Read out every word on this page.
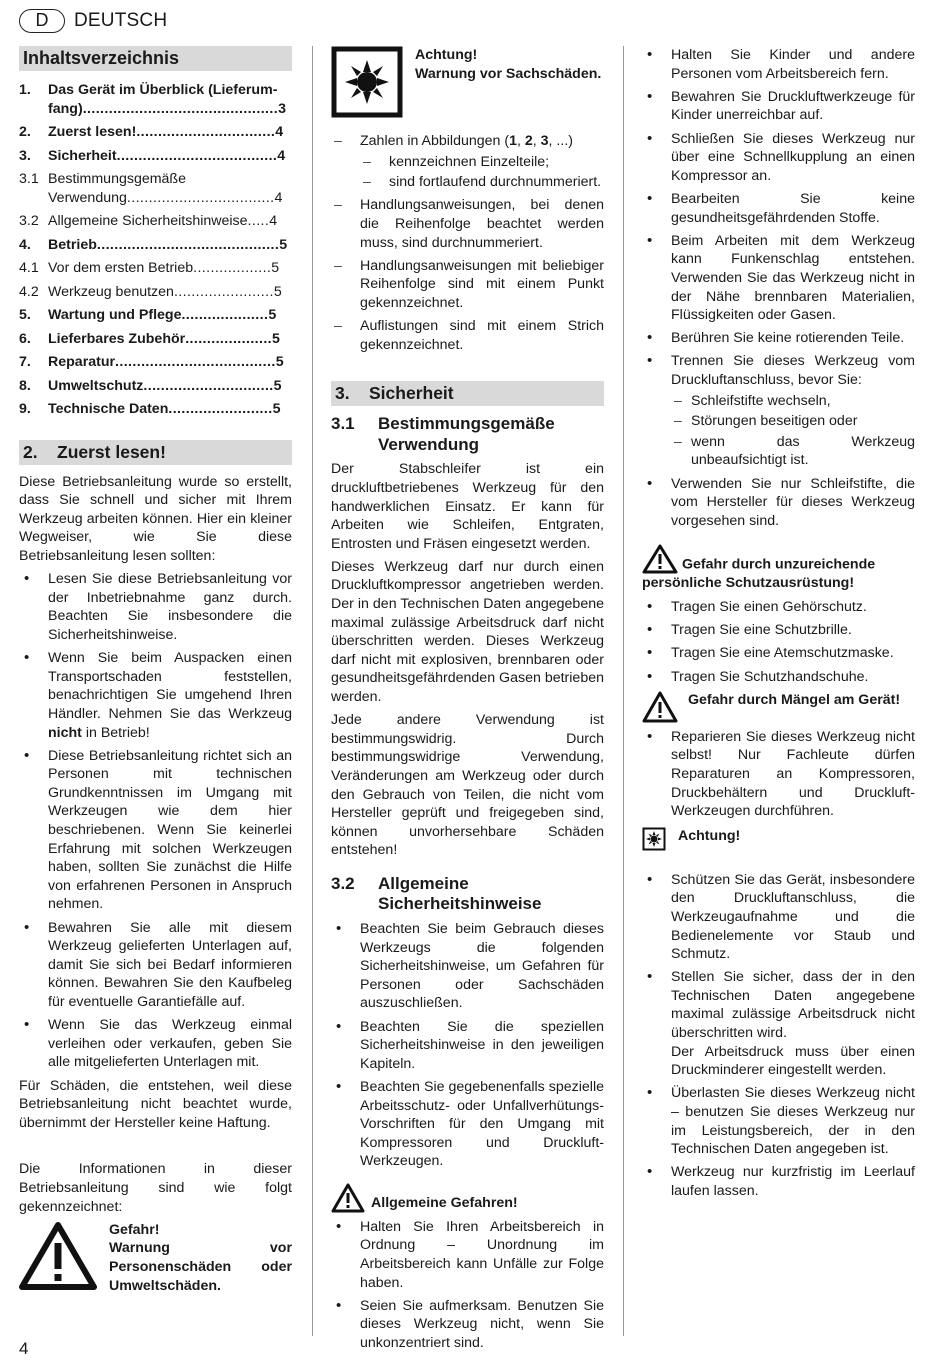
D	DEUTSCH
Inhaltsverzeichnis
1.	Das Gerät im Überblick (Lieferum-
fang).............................................3
2.	Zuerst lesen!................................4
3.	Sicherheit.....................................4
3.1 Bestimmungsgemäße
Verwendung..................................4
3.2 Allgemeine Sicherheitshinweise.....4
4.	Betrieb..........................................5
4.1 Vor dem ersten Betrieb..................5
4.2 Werkzeug benutzen.......................5
5.	Wartung und Pflege....................5
6.	Lieferbares Zubehör....................5
7.	Reparatur.....................................5
8.	Umweltschutz..............................5
9.	Technische Daten........................5
2. Zuerst lesen!

Diese Betriebsanleitung wurde so erstellt, dass Sie schnell und sicher mit Ihrem Werkzeug arbeiten können. Hier ein kleiner Wegweiser, wie Sie diese Betriebsanleitung lesen sollten:

• Lesen Sie diese Betriebsanleitung vor der Inbetriebnahme ganz durch. Beachten Sie insbesondere die Sicherheitshinweise.
• Wenn Sie beim Auspacken einen Transportschaden feststellen, benachrichtigen Sie umgehend Ihren Händler. Nehmen Sie das Werkzeug nicht in Betrieb!
• Diese Betriebsanleitung richtet sich an Personen mit technischen Grundkenntnissen im Umgang mit Werkzeugen wie dem hier beschriebenen. Wenn Sie keinerlei Erfahrung mit solchen Werkzeugen haben, sollten Sie zunächst die Hilfe von erfahrenen Personen in Anspruch nehmen.
• Bewahren Sie alle mit diesem Werkzeug gelieferten Unterlagen auf, damit Sie sich bei Bedarf informieren können. Bewahren Sie den Kaufbeleg für eventuelle Garantiefälle auf.
• Wenn Sie das Werkzeug einmal verleihen oder verkaufen, geben Sie alle mitgelieferten Unterlagen mit.

Für Schäden, die entstehen, weil diese Betriebsanleitung nicht beachtet wurde, übernimmt der Hersteller keine Haftung.

Die Informationen in dieser Betriebsanleitung sind wie folgt gekennzeichnet:

Gefahr!
Warnung vor Personenschäden oder Umweltschäden.
Achtung!
Warnung vor Sachschäden.
– Zahlen in Abbildungen (1, 2, 3, ...)
– kennzeichnen Einzelteile;
– sind fortlaufend durchnummeriert.
– Handlungsanweisungen, bei denen die Reihenfolge beachtet werden muss, sind durchnummeriert.
– Handlungsanweisungen mit beliebiger Reihenfolge sind mit einem Punkt gekennzeichnet.
– Auflistungen sind mit einem Strich gekennzeichnet.
3. Sicherheit
3.1	Bestimmungsgemäße Verwendung

Der Stabschleifer ist ein druckluftbetriebenes Werkzeug für den handwerklichen Einsatz. Er kann für Arbeiten wie Schleifen, Entgraten, Entrosten und Fräsen eingesetzt werden.

Dieses Werkzeug darf nur durch einen Druckluftkompressor angetrieben werden. Der in den Technischen Daten angegebene maximal zulässige Arbeitsdruck darf nicht überschritten werden. Dieses Werkzeug darf nicht mit explosiven, brennbaren oder gesundheitsgefährdenden Gasen betrieben werden.

Jede andere Verwendung ist bestimmungswidrig. Durch bestimmungswidrige Verwendung, Veränderungen am Werkzeug oder durch den Gebrauch von Teilen, die nicht vom Hersteller geprüft und freigegeben sind, können unvorhersehbare Schäden entstehen!

3.2	Allgemeine Sicherheitshinweise
• Beachten Sie beim Gebrauch dieses Werkzeugs die folgenden Sicherheitshinweise, um Gefahren für Personen oder Sachschäden auszuschließen.
• Beachten Sie die speziellen Sicherheitshinweise in den jeweiligen Kapiteln.
• Beachten Sie gegebenenfalls spezielle Arbeitsschutz- oder Unfallverhütungs-Vorschriften für den Umgang mit Kompressoren und Druckluft-Werkzeugen.
Allgemeine Gefahren!
• Halten Sie Ihren Arbeitsbereich in Ordnung – Unordnung im Arbeitsbereich kann Unfälle zur Folge haben.
• Seien Sie aufmerksam. Benutzen Sie dieses Werkzeug nicht, wenn Sie unkonzentriert sind.
• Halten Sie Kinder und andere Personen vom Arbeitsbereich fern.
• Bewahren Sie Druckluftwerkzeuge für Kinder unerreichbar auf.
• Schließen Sie dieses Werkzeug nur über eine Schnellkupplung an einen Kompressor an.
• Bearbeiten Sie keine gesundheitsgefährdenden Stoffe.
• Beim Arbeiten mit dem Werkzeug kann Funkenschlag entstehen. Verwenden Sie das Werkzeug nicht in der Nähe brennbaren Materialien, Flüssigkeiten oder Gasen.
• Berühren Sie keine rotierenden Teile.
• Trennen Sie dieses Werkzeug vom Druckluftanschluss, bevor Sie:
– Schleifstifte wechseln,
– Störungen beseitigen oder
– wenn das Werkzeug unbeaufsichtigt ist.
• Verwenden Sie nur Schleifstifte, die vom Hersteller für dieses Werkzeug vorgesehen sind.
Gefahr durch unzureichende persönliche Schutzausrüstung!
• Tragen Sie einen Gehörschutz.
• Tragen Sie eine Schutzbrille.
• Tragen Sie eine Atemschutzmaske.
• Tragen Sie Schutzhandschuhe.
Gefahr durch Mängel am Gerät!
• Reparieren Sie dieses Werkzeug nicht selbst! Nur Fachleute dürfen Reparaturen an Kompressoren, Druckbehältern und Druckluft-Werkzeugen durchführen.
Achtung!
• Schützen Sie das Gerät, insbesondere den Druckluftanschluss, die Werkzeugaufnahme und die Bedienelemente vor Staub und Schmutz.
• Stellen Sie sicher, dass der in den Technischen Daten angegebene maximal zulässige Arbeitsdruck nicht überschritten wird.
Der Arbeitsdruck muss über einen Druckminderer eingestellt werden.
• Überlasten Sie dieses Werkzeug nicht – benutzen Sie dieses Werkzeug nur im Leistungsbereich, der in den Technischen Daten angegeben ist.
• Werkzeug nur kurzfristig im Leerlauf laufen lassen.
4
